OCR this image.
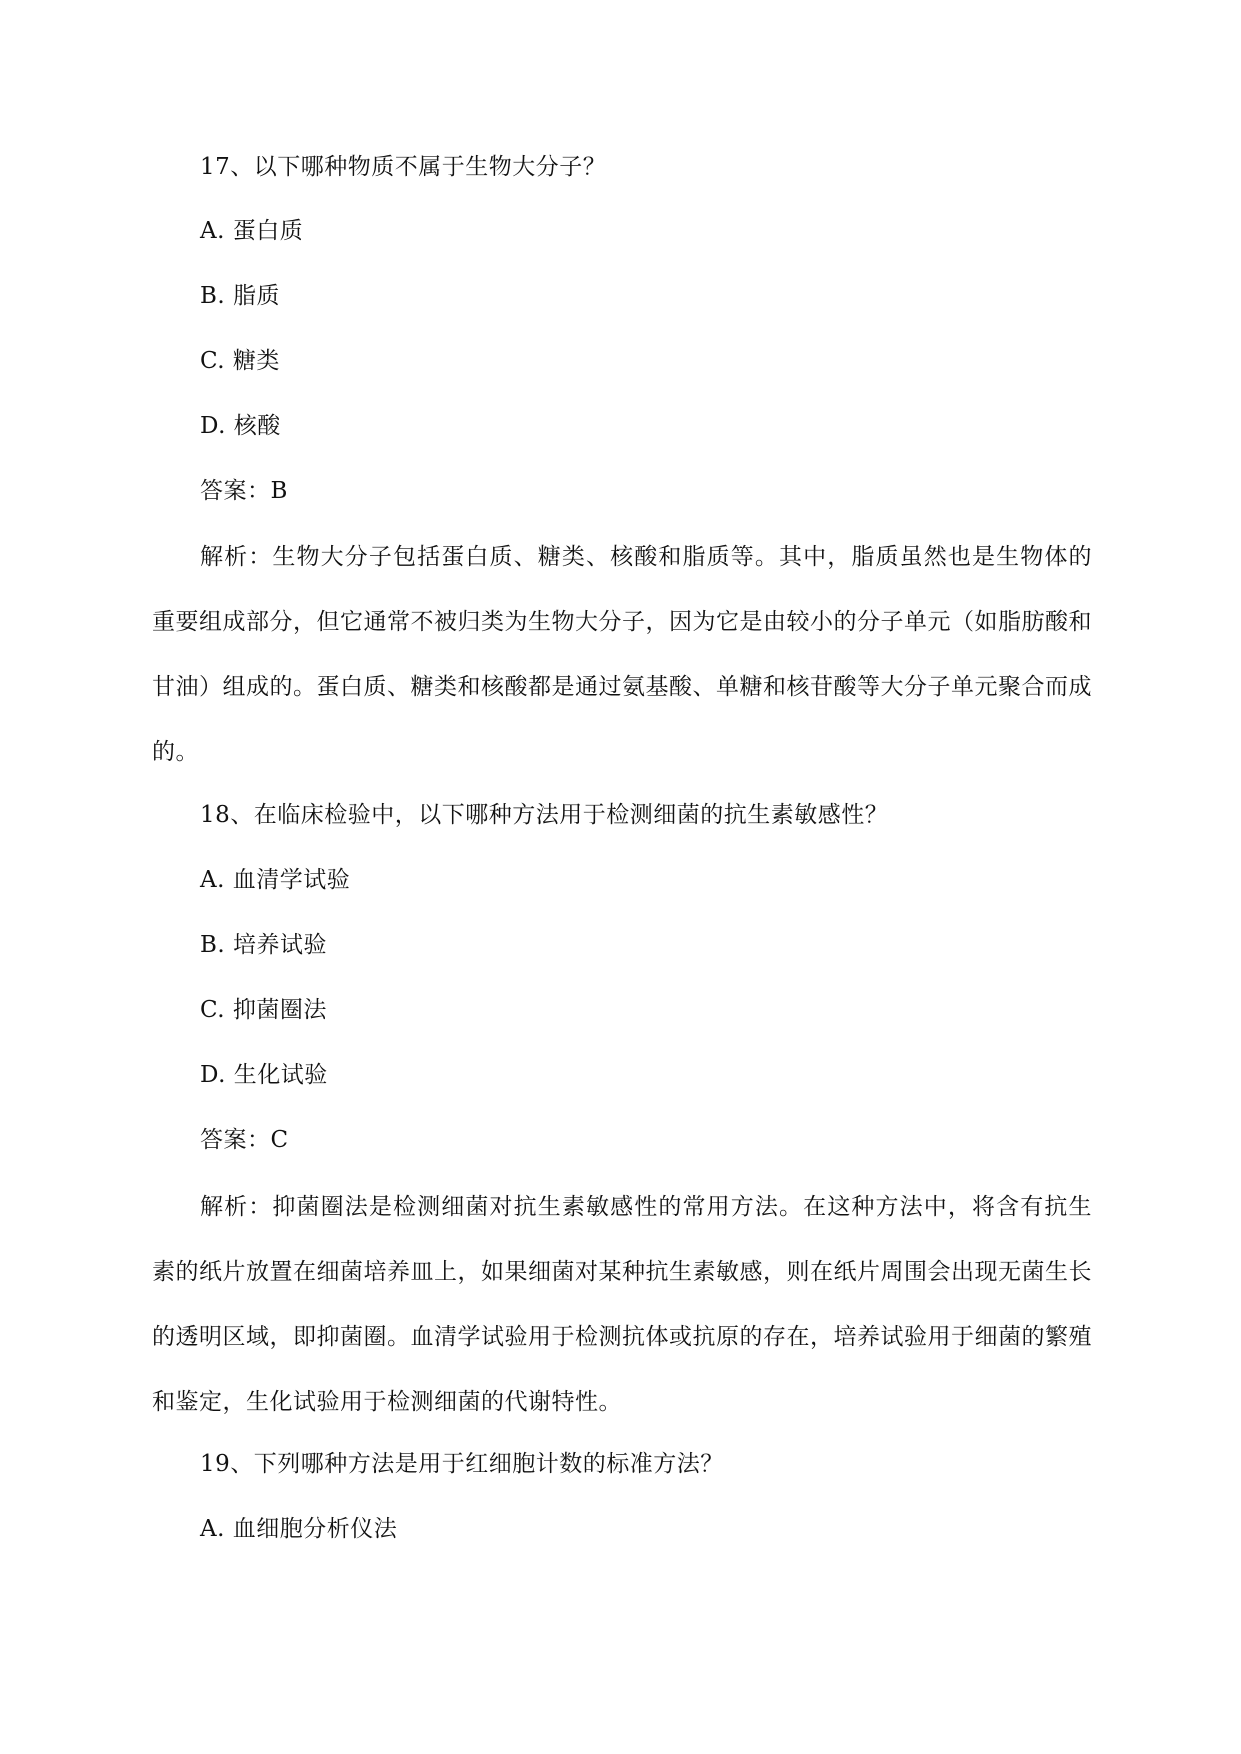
17、以下哪种物质不属于生物大分子？
A. 蛋白质
B. 脂质
C. 糖类
D. 核酸
答案：B

解析：生物大分子包括蛋白质、糖类、核酸和脂质等。其中，脂质虽然也是生物体的重要组成部分，但它通常不被归类为生物大分子，因为它是由较小的分子单元（如脂肪酸和甘油）组成的。蛋白质、糖类和核酸都是通过氨基酸、单糖和核苷酸等大分子单元聚合而成的。

18、在临床检验中，以下哪种方法用于检测细菌的抗生素敏感性？
A. 血清学试验
B. 培养试验
C. 抑菌圈法
D. 生化试验
答案：C

解析：抑菌圈法是检测细菌对抗生素敏感性的常用方法。在这种方法中，将含有抗生素的纸片放置在细菌培养皿上，如果细菌对某种抗生素敏感，则在纸片周围会出现无菌生长的透明区域，即抑菌圈。血清学试验用于检测抗体或抗原的存在，培养试验用于细菌的繁殖和鉴定，生化试验用于检测细菌的代谢特性。

19、下列哪种方法是用于红细胞计数的标准方法？
A. 血细胞分析仪法
